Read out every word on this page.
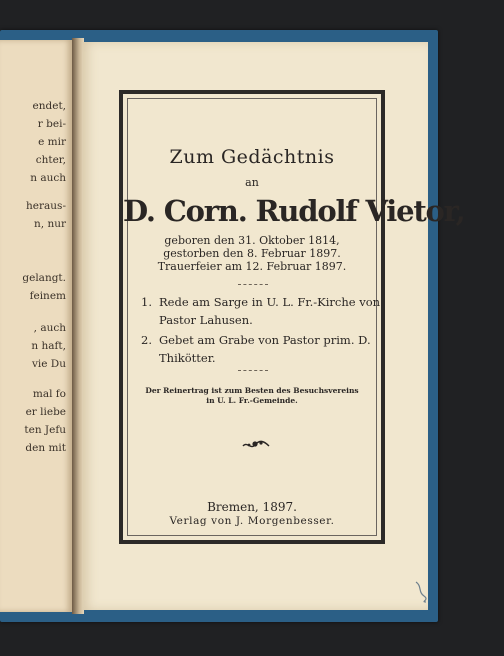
endet,
r bei-
e mir
chter,
n auch
heraus-
n, nur
gelangt.
feinem
, auch
n haft,
vie Du
mal fo
er liebe
ten Jefu
den mit
Zum Gedächtnis
an
D. Corn. Rudolf Vietor,
geboren den 31. Oktober 1814,
gestorben den 8. Februar 1897.
Trauerfeier am 12. Februar 1897.
1. Rede am Sarge in U. L. Fr.-Kirche von Pastor Lahusen.
2. Gebet am Grabe von Pastor prim. D. Thikötter.
Der Reinertrag ist zum Besten des Besuchsvereins
in U. L. Fr.-Gemeinde.
Bremen, 1897.
Verlag von J. Morgenbesser.
